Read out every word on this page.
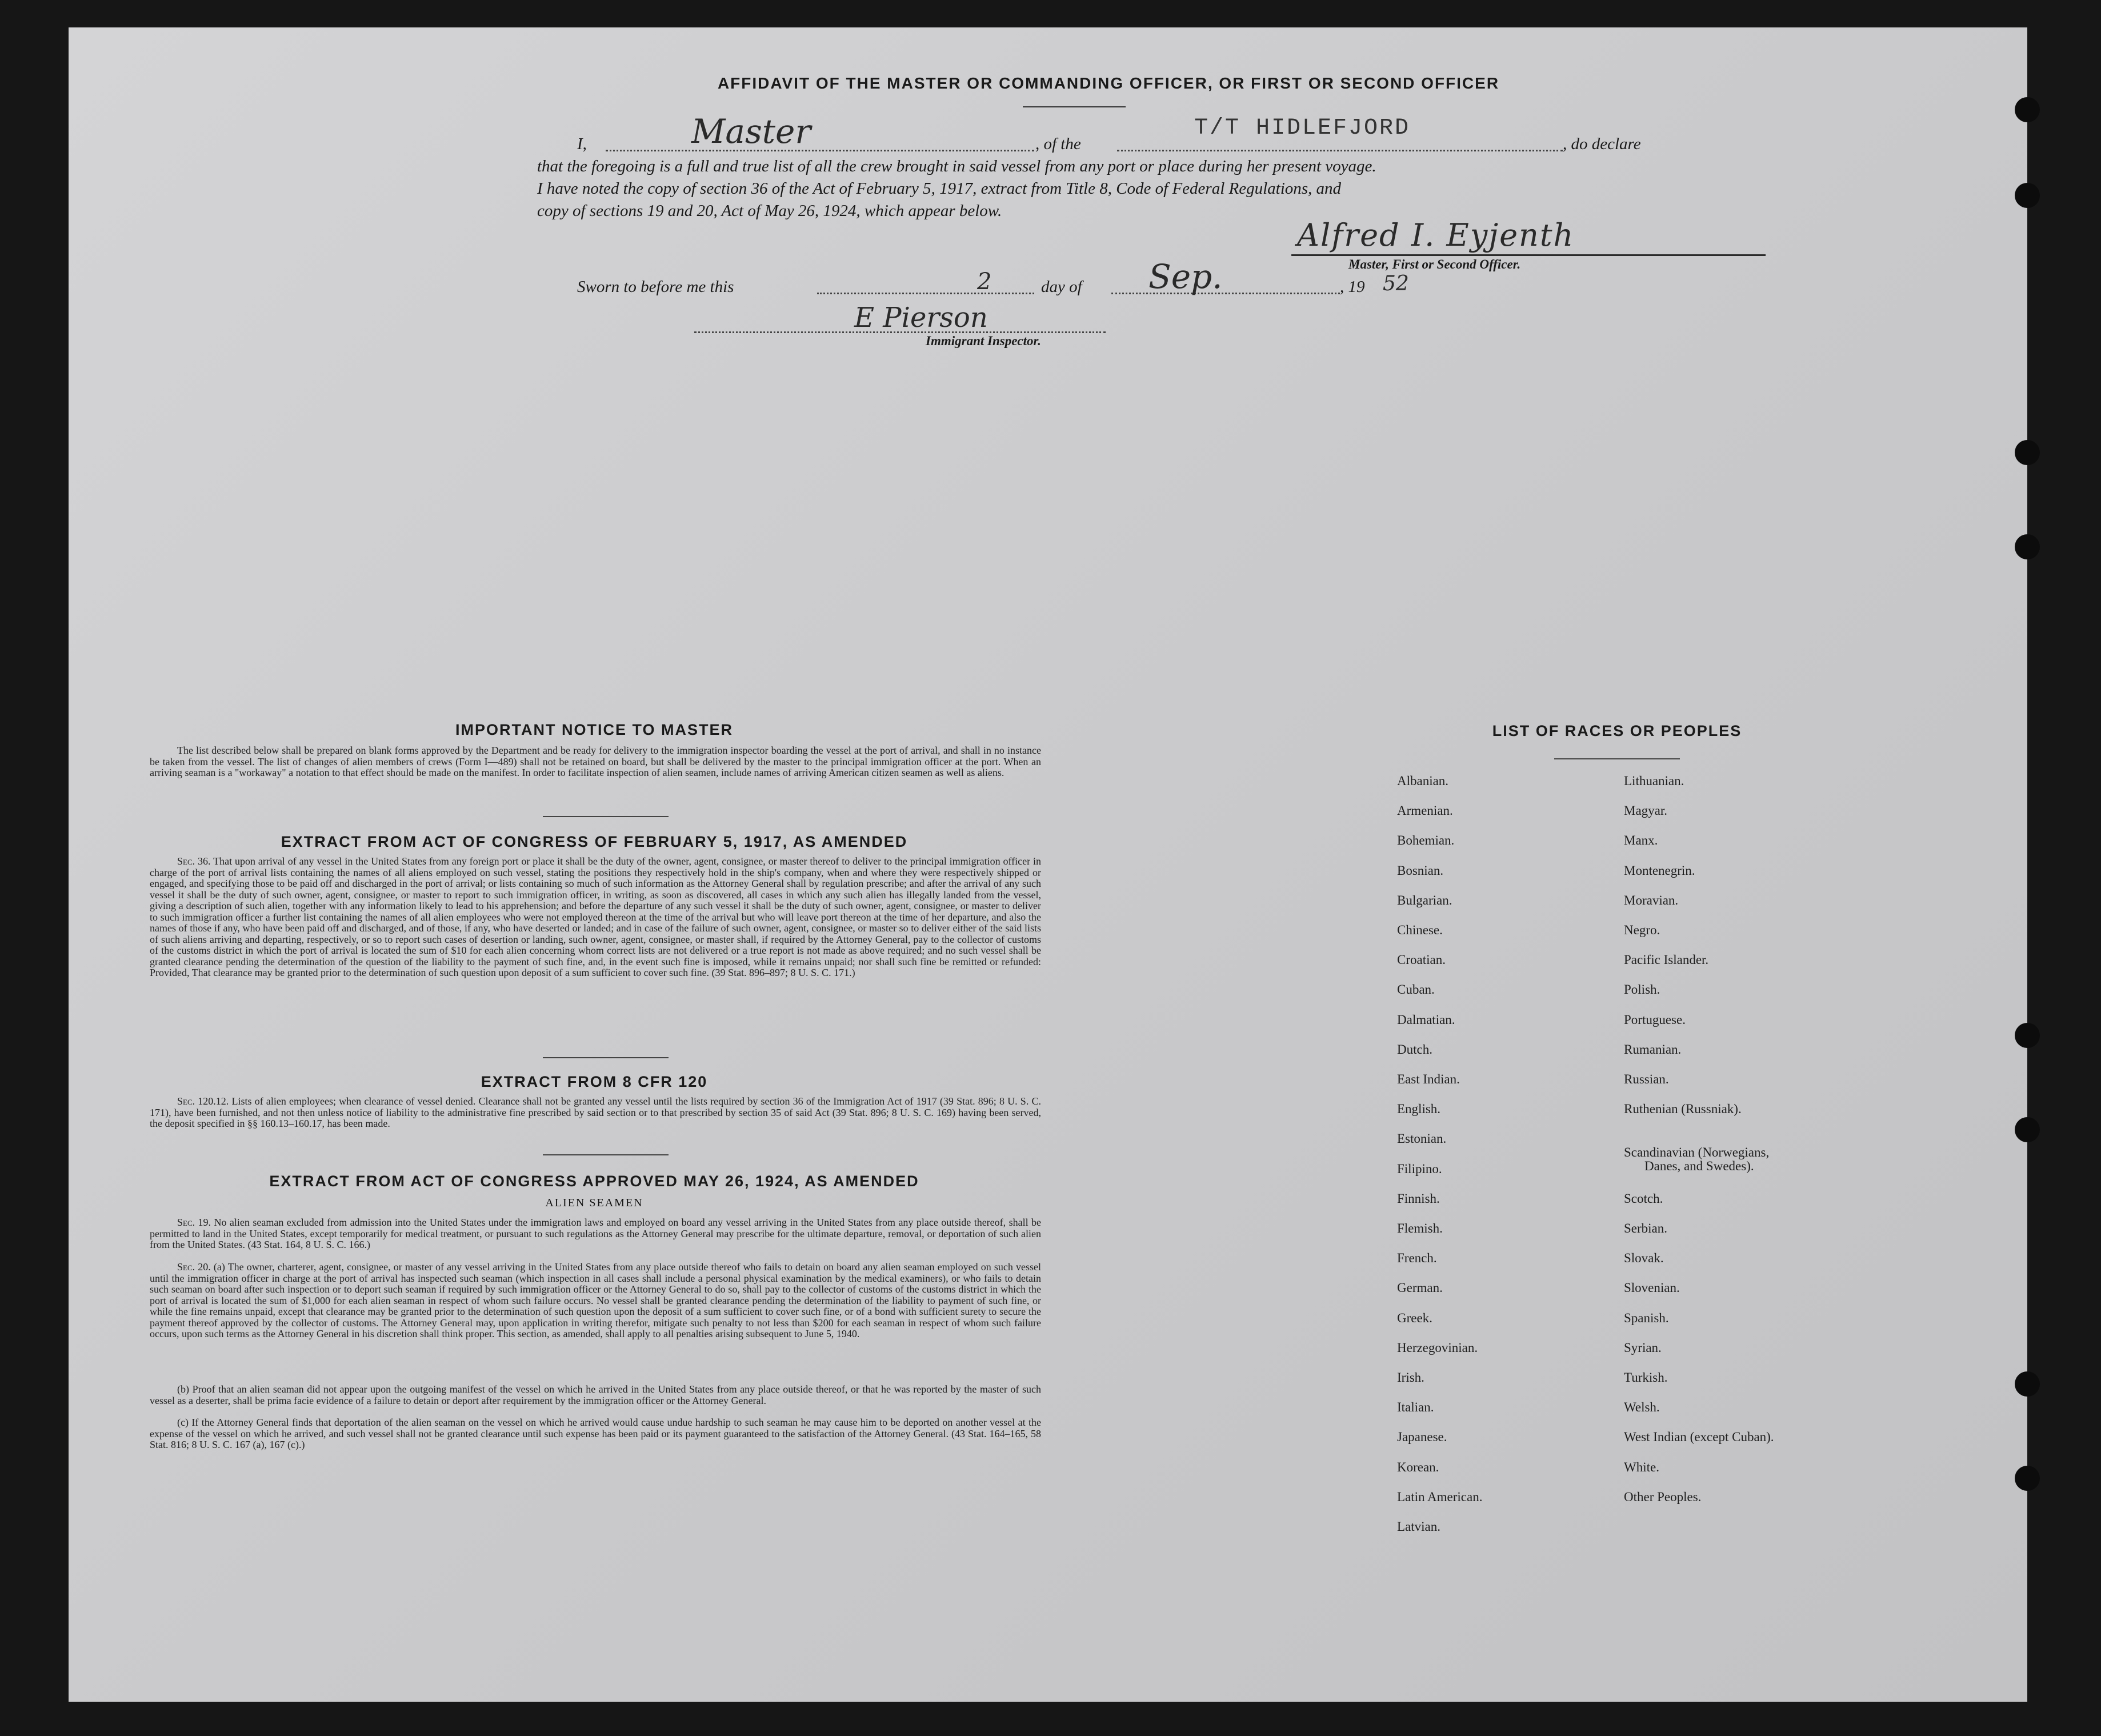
AFFIDAVIT OF THE MASTER OR COMMANDING OFFICER, OR FIRST OR SECOND OFFICER
I,	Master	, of the
T/T HIDLEFJORD
, do declare
that the foregoing is a full and true list of all the crew brought in said vessel from any port or place during her present voyage.
I have noted the copy of section 36 of the Act of February 5, 1917, extract from Title 8, Code of Federal Regulations, and
copy of sections 19 and 20, Act of May 26, 1924, which appear below.
Alfred I. Eyjenth
Master, First or Second Officer.
Sworn to before me this	2	day of Sep.	, 19 52
E Pierson
Immigrant Inspector.
IMPORTANT NOTICE TO MASTER
The list described below shall be prepared on blank forms approved by the Department and be ready for delivery to the immigration inspector boarding the vessel at the port of arrival, and shall in no instance be taken from the vessel. The list of changes of alien members of crews (Form I—489) shall not be retained on board, but shall be delivered by the master to the principal immigration officer at the port. When an arriving seaman is a "workaway" a notation to that effect should be made on the manifest. In order to facilitate inspection of alien seamen, include names of arriving American citizen seamen as well as aliens.
EXTRACT FROM ACT OF CONGRESS OF FEBRUARY 5, 1917, AS AMENDED
Sec. 36. That upon arrival of any vessel in the United States from any foreign port or place it shall be the duty of the owner, agent, consignee, or master thereof to deliver to the principal immigration officer in charge of the port of arrival lists containing the names of all aliens employed on such vessel, stating the positions they respectively hold in the ship's company, when and where they were respectively shipped or engaged, and specifying those to be paid off and discharged in the port of arrival; or lists containing so much of such information as the Attorney General shall by regulation prescribe; and after the arrival of any such vessel it shall be the duty of such owner, agent, consignee, or master to report to such immigration officer, in writing, as soon as discovered, all cases in which any such alien has illegally landed from the vessel, giving a description of such alien, together with any information likely to lead to his apprehension; and before the departure of any such vessel it shall be the duty of such owner, agent, consignee, or master to deliver to such immigration officer a further list containing the names of all alien employees who were not employed thereon at the time of the arrival but who will leave port thereon at the time of her departure, and also the names of those if any, who have been paid off and discharged, and of those, if any, who have deserted or landed; and in case of the failure of such owner, agent, consignee, or master so to deliver either of the said lists of such aliens arriving and departing, respectively, or so to report such cases of desertion or landing, such owner, agent, consignee, or master shall, if required by the Attorney General, pay to the collector of customs of the customs district in which the port of arrival is located the sum of $10 for each alien concerning whom correct lists are not delivered or a true report is not made as above required; and no such vessel shall be granted clearance pending the determination of the question of the liability to the payment of such fine, and, in the event such fine is imposed, while it remains unpaid; nor shall such fine be remitted or refunded: Provided, That clearance may be granted prior to the determination of such question upon deposit of a sum sufficient to cover such fine. (39 Stat. 896–897; 8 U. S. C. 171.)
EXTRACT FROM 8 CFR 120
Sec. 120.12. Lists of alien employees; when clearance of vessel denied. Clearance shall not be granted any vessel until the lists required by section 36 of the Immigration Act of 1917 (39 Stat. 896; 8 U. S. C. 171), have been furnished, and not then unless notice of liability to the administrative fine prescribed by said section or to that prescribed by section 35 of said Act (39 Stat. 896; 8 U. S. C. 169) having been served, the deposit specified in §§ 160.13–160.17, has been made.
EXTRACT FROM ACT OF CONGRESS APPROVED MAY 26, 1924, AS AMENDED
ALIEN SEAMEN
Sec. 19. No alien seaman excluded from admission into the United States under the immigration laws and employed on board any vessel arriving in the United States from any place outside thereof, shall be permitted to land in the United States, except temporarily for medical treatment, or pursuant to such regulations as the Attorney General may prescribe for the ultimate departure, removal, or deportation of such alien from the United States. (43 Stat. 164, 8 U. S. C. 166.)
Sec. 20. (a) The owner, charterer, agent, consignee, or master of any vessel arriving in the United States from any place outside thereof who fails to detain on board any alien seaman employed on such vessel until the immigration officer in charge at the port of arrival has inspected such seaman (which inspection in all cases shall include a personal physical examination by the medical examiners), or who fails to detain such seaman on board after such inspection or to deport such seaman if required by such immigration officer or the Attorney General to do so, shall pay to the collector of customs of the customs district in which the port of arrival is located the sum of $1,000 for each alien seaman in respect of whom such failure occurs. No vessel shall be granted clearance pending the determination of the liability to payment of such fine, or while the fine remains unpaid, except that clearance may be granted prior to the determination of such question upon the deposit of a sum sufficient to cover such fine, or of a bond with sufficient surety to secure the payment thereof approved by the collector of customs. The Attorney General may, upon application in writing therefor, mitigate such penalty to not less than $200 for each seaman in respect of whom such failure occurs, upon such terms as the Attorney General in his discretion shall think proper. This section, as amended, shall apply to all penalties arising subsequent to June 5, 1940.
(b) Proof that an alien seaman did not appear upon the outgoing manifest of the vessel on which he arrived in the United States from any place outside thereof, or that he was reported by the master of such vessel as a deserter, shall be prima facie evidence of a failure to detain or deport after requirement by the immigration officer or the Attorney General.
(c) If the Attorney General finds that deportation of the alien seaman on the vessel on which he arrived would cause undue hardship to such seaman he may cause him to be deported on another vessel at the expense of the vessel on which he arrived, and such vessel shall not be granted clearance until such expense has been paid or its payment guaranteed to the satisfaction of the Attorney General. (43 Stat. 164–165, 58 Stat. 816; 8 U. S. C. 167 (a), 167 (c).)
LIST OF RACES OR PEOPLES
Albanian.
Armenian.
Bohemian.
Bosnian.
Bulgarian.
Chinese.
Croatian.
Cuban.
Dalmatian.
Dutch.
East Indian.
English.
Estonian.
Filipino.
Finnish.
Flemish.
French.
German.
Greek.
Herzegovinian.
Irish.
Italian.
Japanese.
Korean.
Latin American.
Latvian.
Lithuanian.
Magyar.
Manx.
Montenegrin.
Moravian.
Negro.
Pacific Islander.
Polish.
Portuguese.
Rumanian.
Russian.
Ruthenian (Russniak).
Scandinavian (Norwegians,
Danes, and Swedes).
Scotch.
Serbian.
Slovak.
Slovenian.
Spanish.
Syrian.
Turkish.
Welsh.
West Indian (except Cuban).
White.
Other Peoples.
